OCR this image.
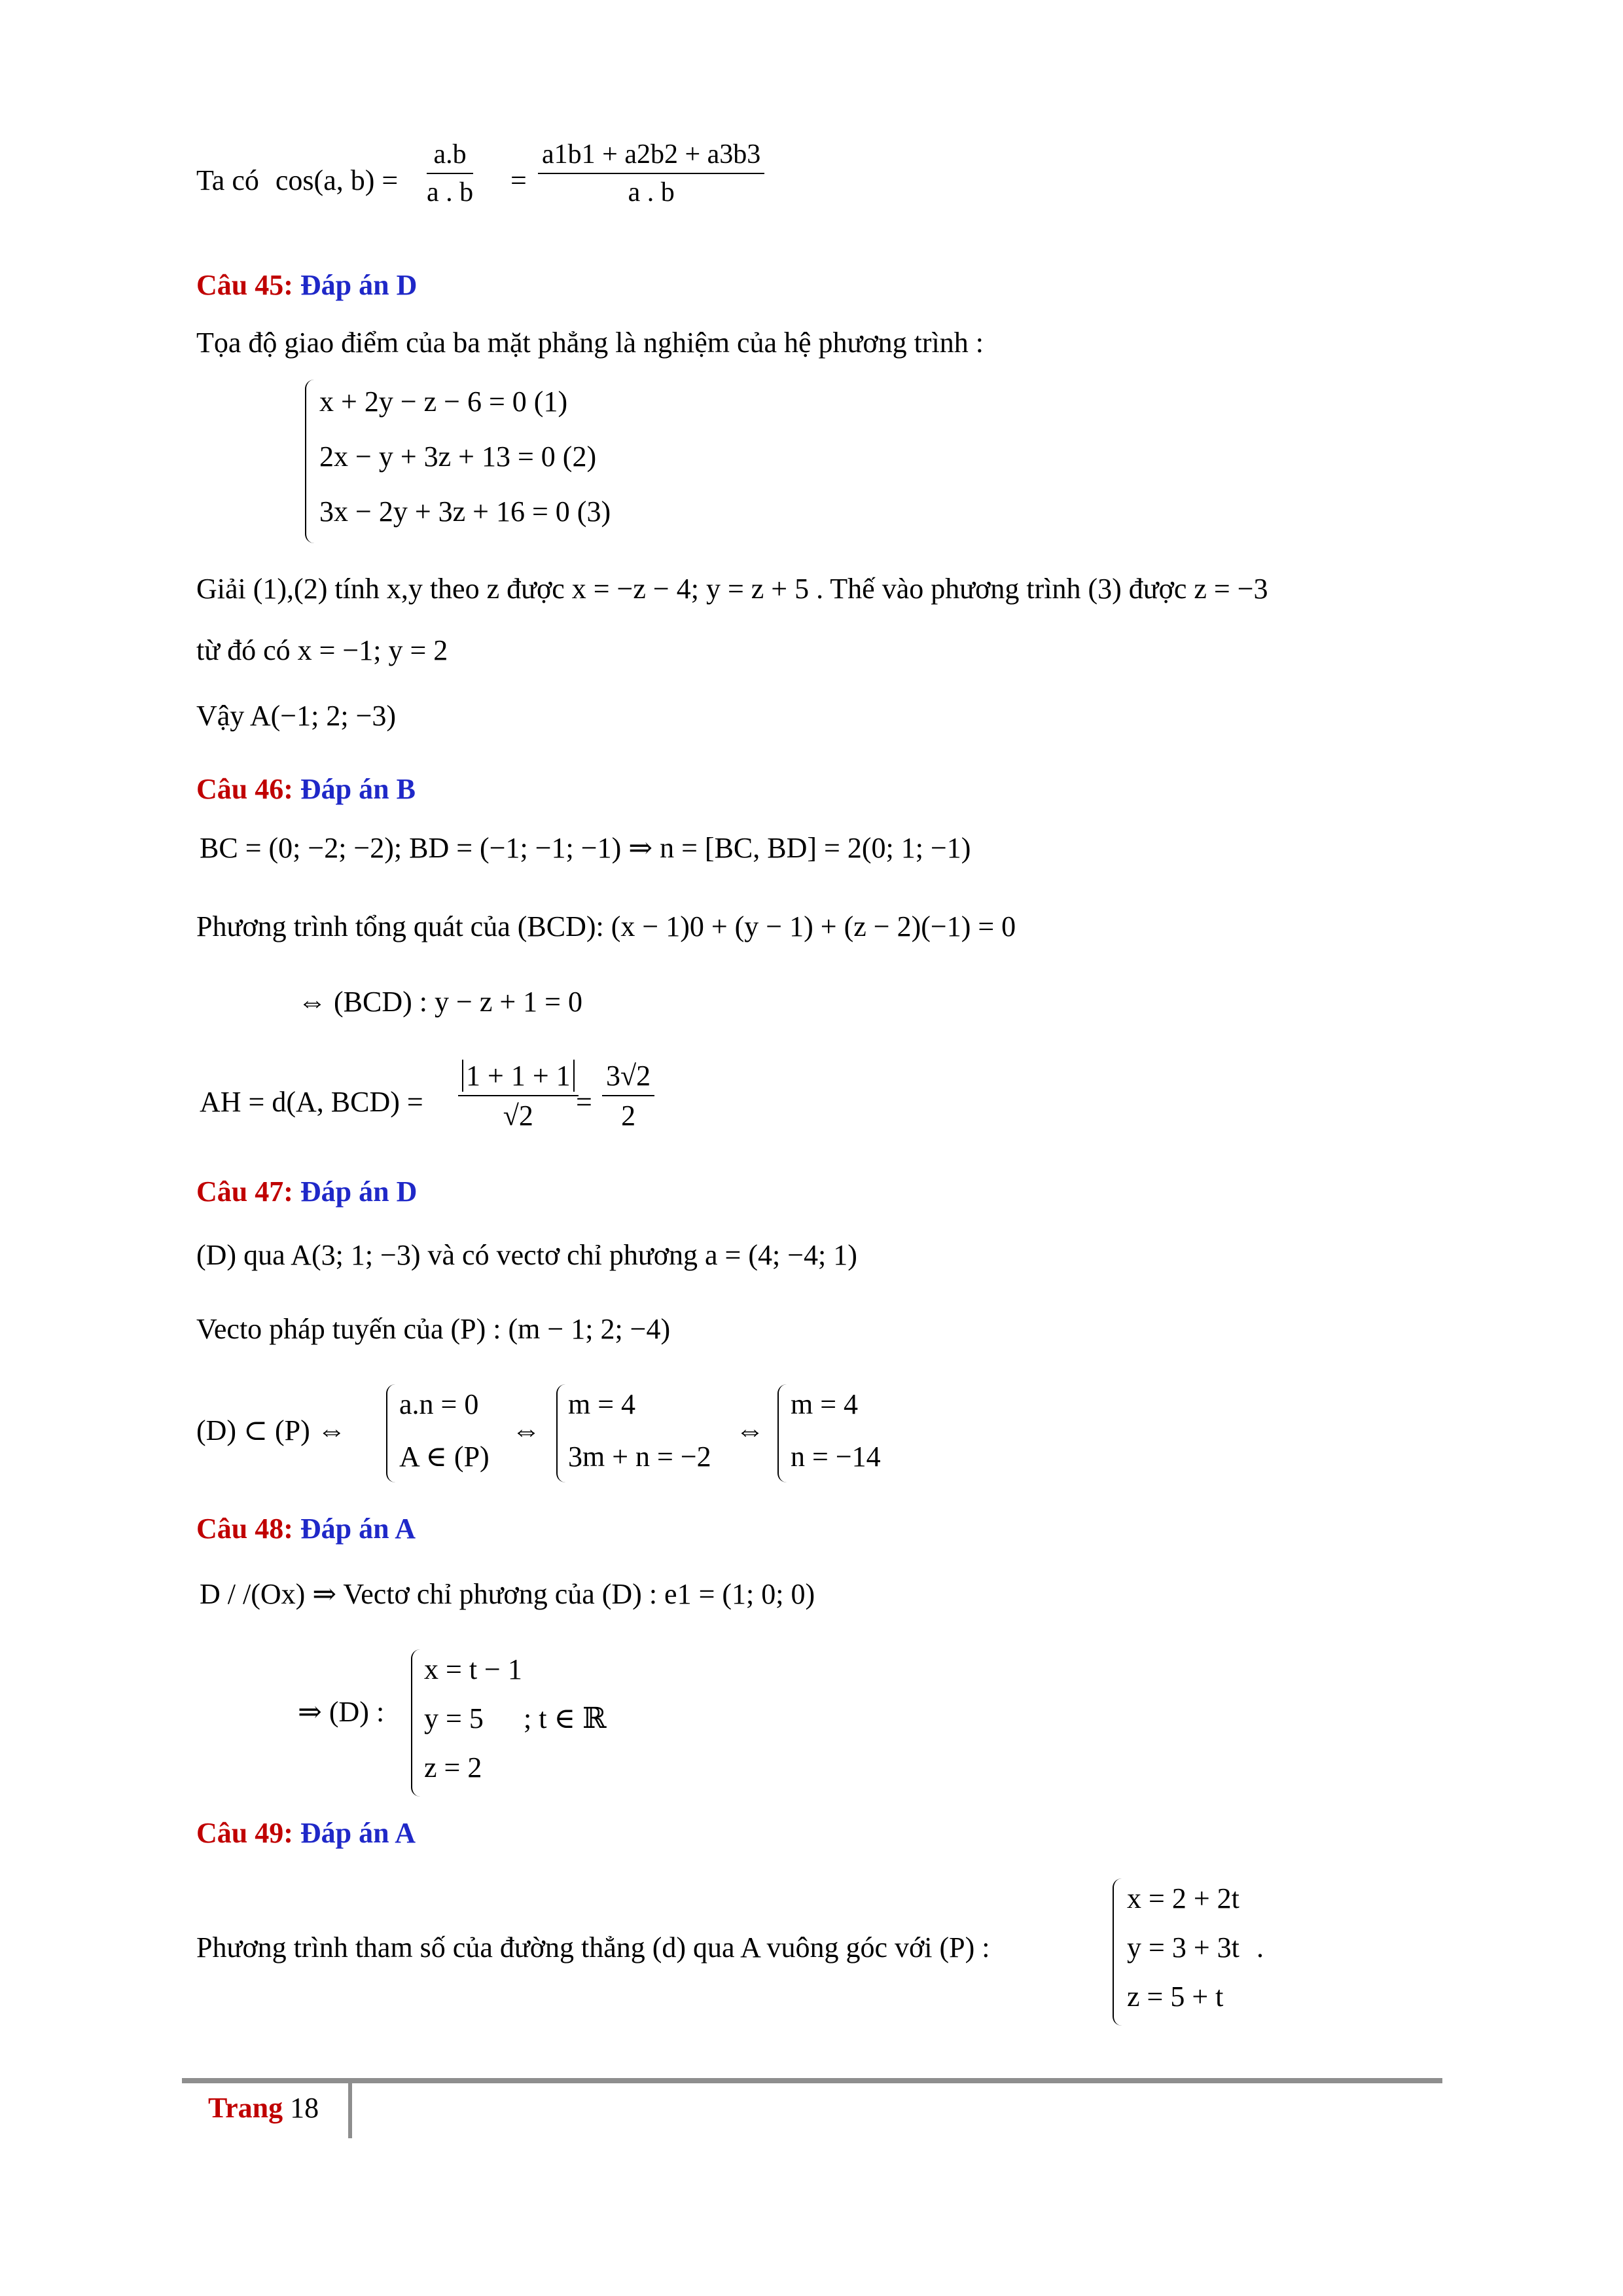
Ta có cos(a, $b) = \frac{a.b}{a . b} = \frac{a1b1 + a2b2 + a3b3}{a . b}$
Câu 45: Đáp án D
Tọa độ giao điểm của ba mặt phẳng là nghiệm của hệ phương trình :
x + 2y − z − 6 = 0 (1)
2x − y + 3z + 13 = 0 (2)
3x − 2y + 3z + 16 = 0 (3)
Giải (1),(2) tính x,y theo z được x = −z − 4; y = z + 5 . Thế vào phương trình (3) được z = −3
từ đó có x = −1; y = 2
Vậy A(−1; 2; −3)
Câu 46: Đáp án B
BC = (0; −2; −2); BD = (−1; −1; −1) ⇒ n = [BC, BD] = 2(0; 1; −1)
Phương trình tổng quát của (BCD): (x − 1)0 + (y − 1) + (z − 2)(−1) = 0
⇔ (BCD) : y − z + 1 = 0
AH = d(A, $BCD) = \frac{1 + 1 + 1}{√2}$
= $\frac{3√2}{2}$
Câu 47: Đáp án D
(D) qua A(3; 1; −3) và có vectơ chỉ phương a = (4; −4; 1)
Vecto pháp tuyến của (P) : (m − 1; 2; −4)
(D) ⊂ (P) ⇔
a.n = 0
A ∈ (P)
⇔
m = 4
3m + n = −2
⇔
m = 4
n = −14
Câu 48: Đáp án A
D / /(Ox) ⇒ Vectơ chỉ phương của (D) : e1 = (1; 0; 0)
⇒ (D) :
x = t − 1
y = 5
z = 2
; t ∈ ℝ
Câu 49: Đáp án A
Phương trình tham số của đường thẳng (d) qua A vuông góc với (P) :
x = 2 + 2t
y = 3 + 3t
z = 5 + t
.
Trang 18
